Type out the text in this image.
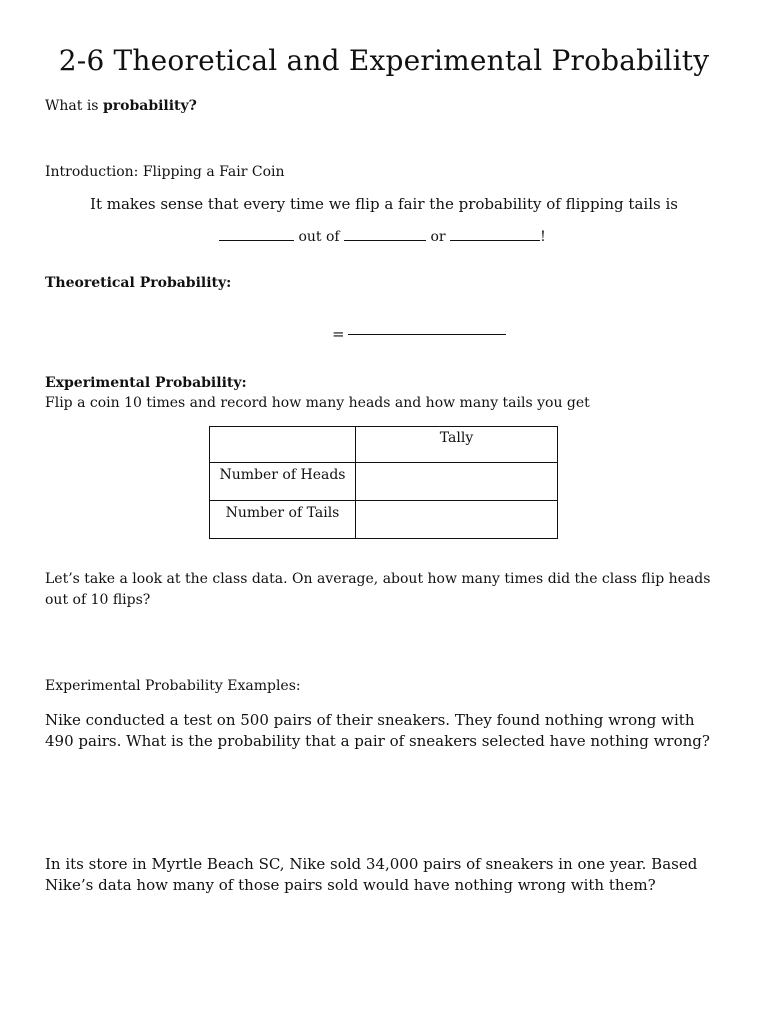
2-6 Theoretical and Experimental Probability

What is probability?

Introduction: Flipping a Fair Coin

It makes sense that every time we flip a fair the probability of flipping tails is

out of	or	!

Theoretical Probability:

=

Experimental Probability:

Flip a coin 10 times and record how many heads and how many tails you get

	Tally

Number of Heads	

Number of Tails	

Let’s take a look at the class data. On average, about how many times did the class flip heads out of 10 flips?

Experimental Probability Examples:

Nike conducted a test on 500 pairs of their sneakers. They found nothing wrong with 490 pairs. What is the probability that a pair of sneakers selected have nothing wrong?

In its store in Myrtle Beach SC, Nike sold 34,000 pairs of sneakers in one year. Based Nike’s data how many of those pairs sold would have nothing wrong with them?
